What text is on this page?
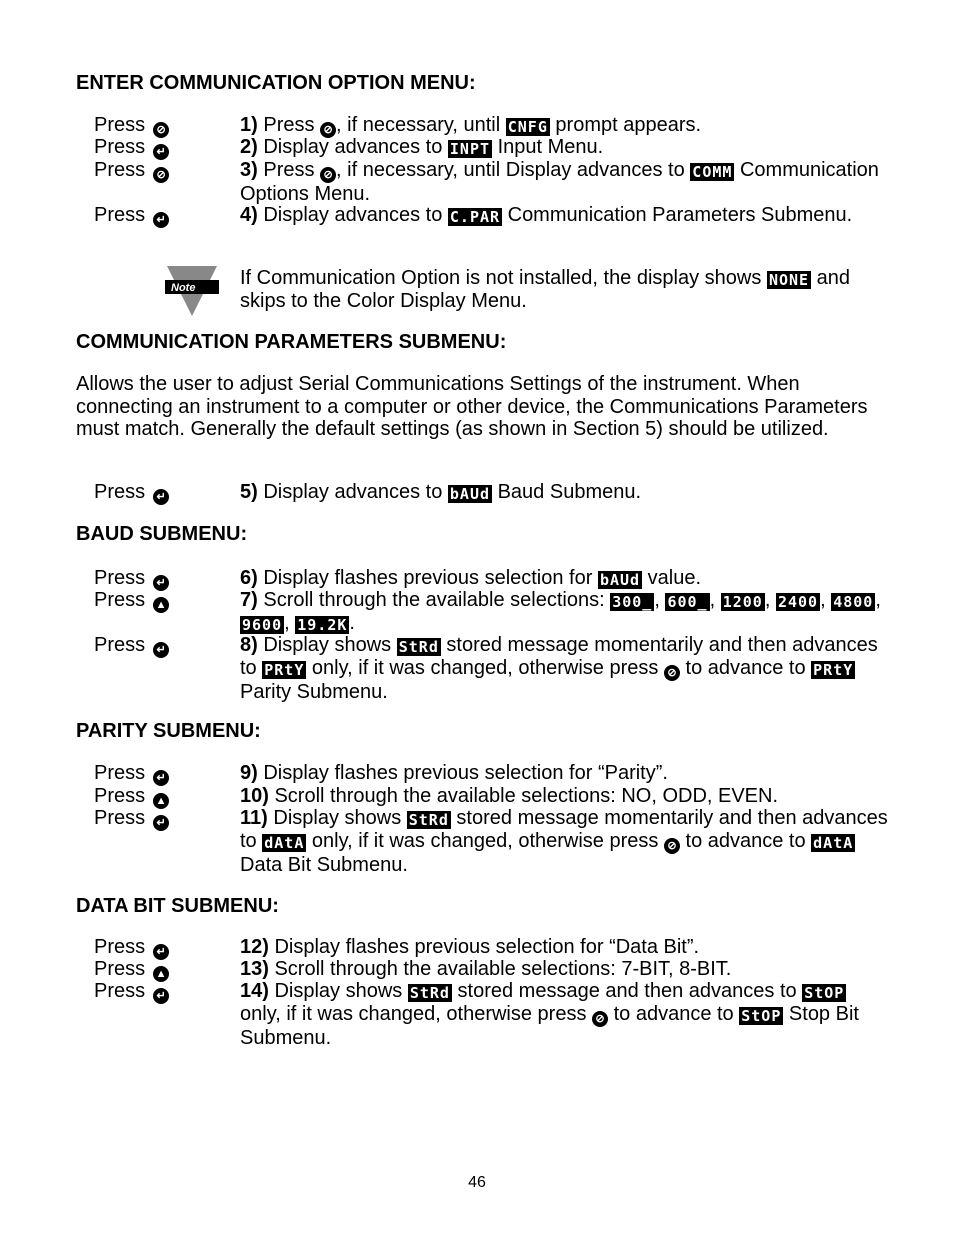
ENTER COMMUNICATION OPTION MENU:
Press ⊘	1) Press ⊘ , if necessary, until CNFG prompt appears.
Press ↵	2) Display advances to INPT Input Menu.
Press ⊘	3) Press ⊘ , if necessary, until Display advances to COMM Communication Options Menu.
Press ↵	4) Display advances to C.PAR Communication Parameters Submenu.
Note If Communication Option is not installed, the display shows NONE and skips to the Color Display Menu.
COMMUNICATION PARAMETERS SUBMENU:
Allows the user to adjust Serial Communications Settings of the instrument. When connecting an instrument to a computer or other device, the Communications Parameters must match. Generally the default settings (as shown in Section 5) should be utilized.
Press ↵	5) Display advances to bAUd Baud Submenu.
BAUD SUBMENU:
Press ↵	6) Display flashes previous selection for bAUd value.
Press ▲	7) Scroll through the available selections: 300_ , 600_ , 1200 , 2400 , 4800 , 9600 , 19.2K .
Press ↵	8) Display shows StRd stored message momentarily and then advances to PRtY only, if it was changed, otherwise press ⊘ to advance to PRtY Parity Submenu.
PARITY SUBMENU:
Press ↵	9) Display flashes previous selection for “Parity”.
Press ▲	10) Scroll through the available selections: NO, ODD, EVEN.
Press ↵	11) Display shows StRd stored message momentarily and then advances to dAtA only, if it was changed, otherwise press ⊘ to advance to dAtA Data Bit Submenu.
DATA BIT SUBMENU:
Press ↵	12) Display flashes previous selection for “Data Bit”.
Press ▲	13) Scroll through the available selections: 7-BIT, 8-BIT.
Press ↵	14) Display shows StRd stored message and then advances to StOP only, if it was changed, otherwise press ⊘ to advance to StOP Stop Bit Submenu.
46
